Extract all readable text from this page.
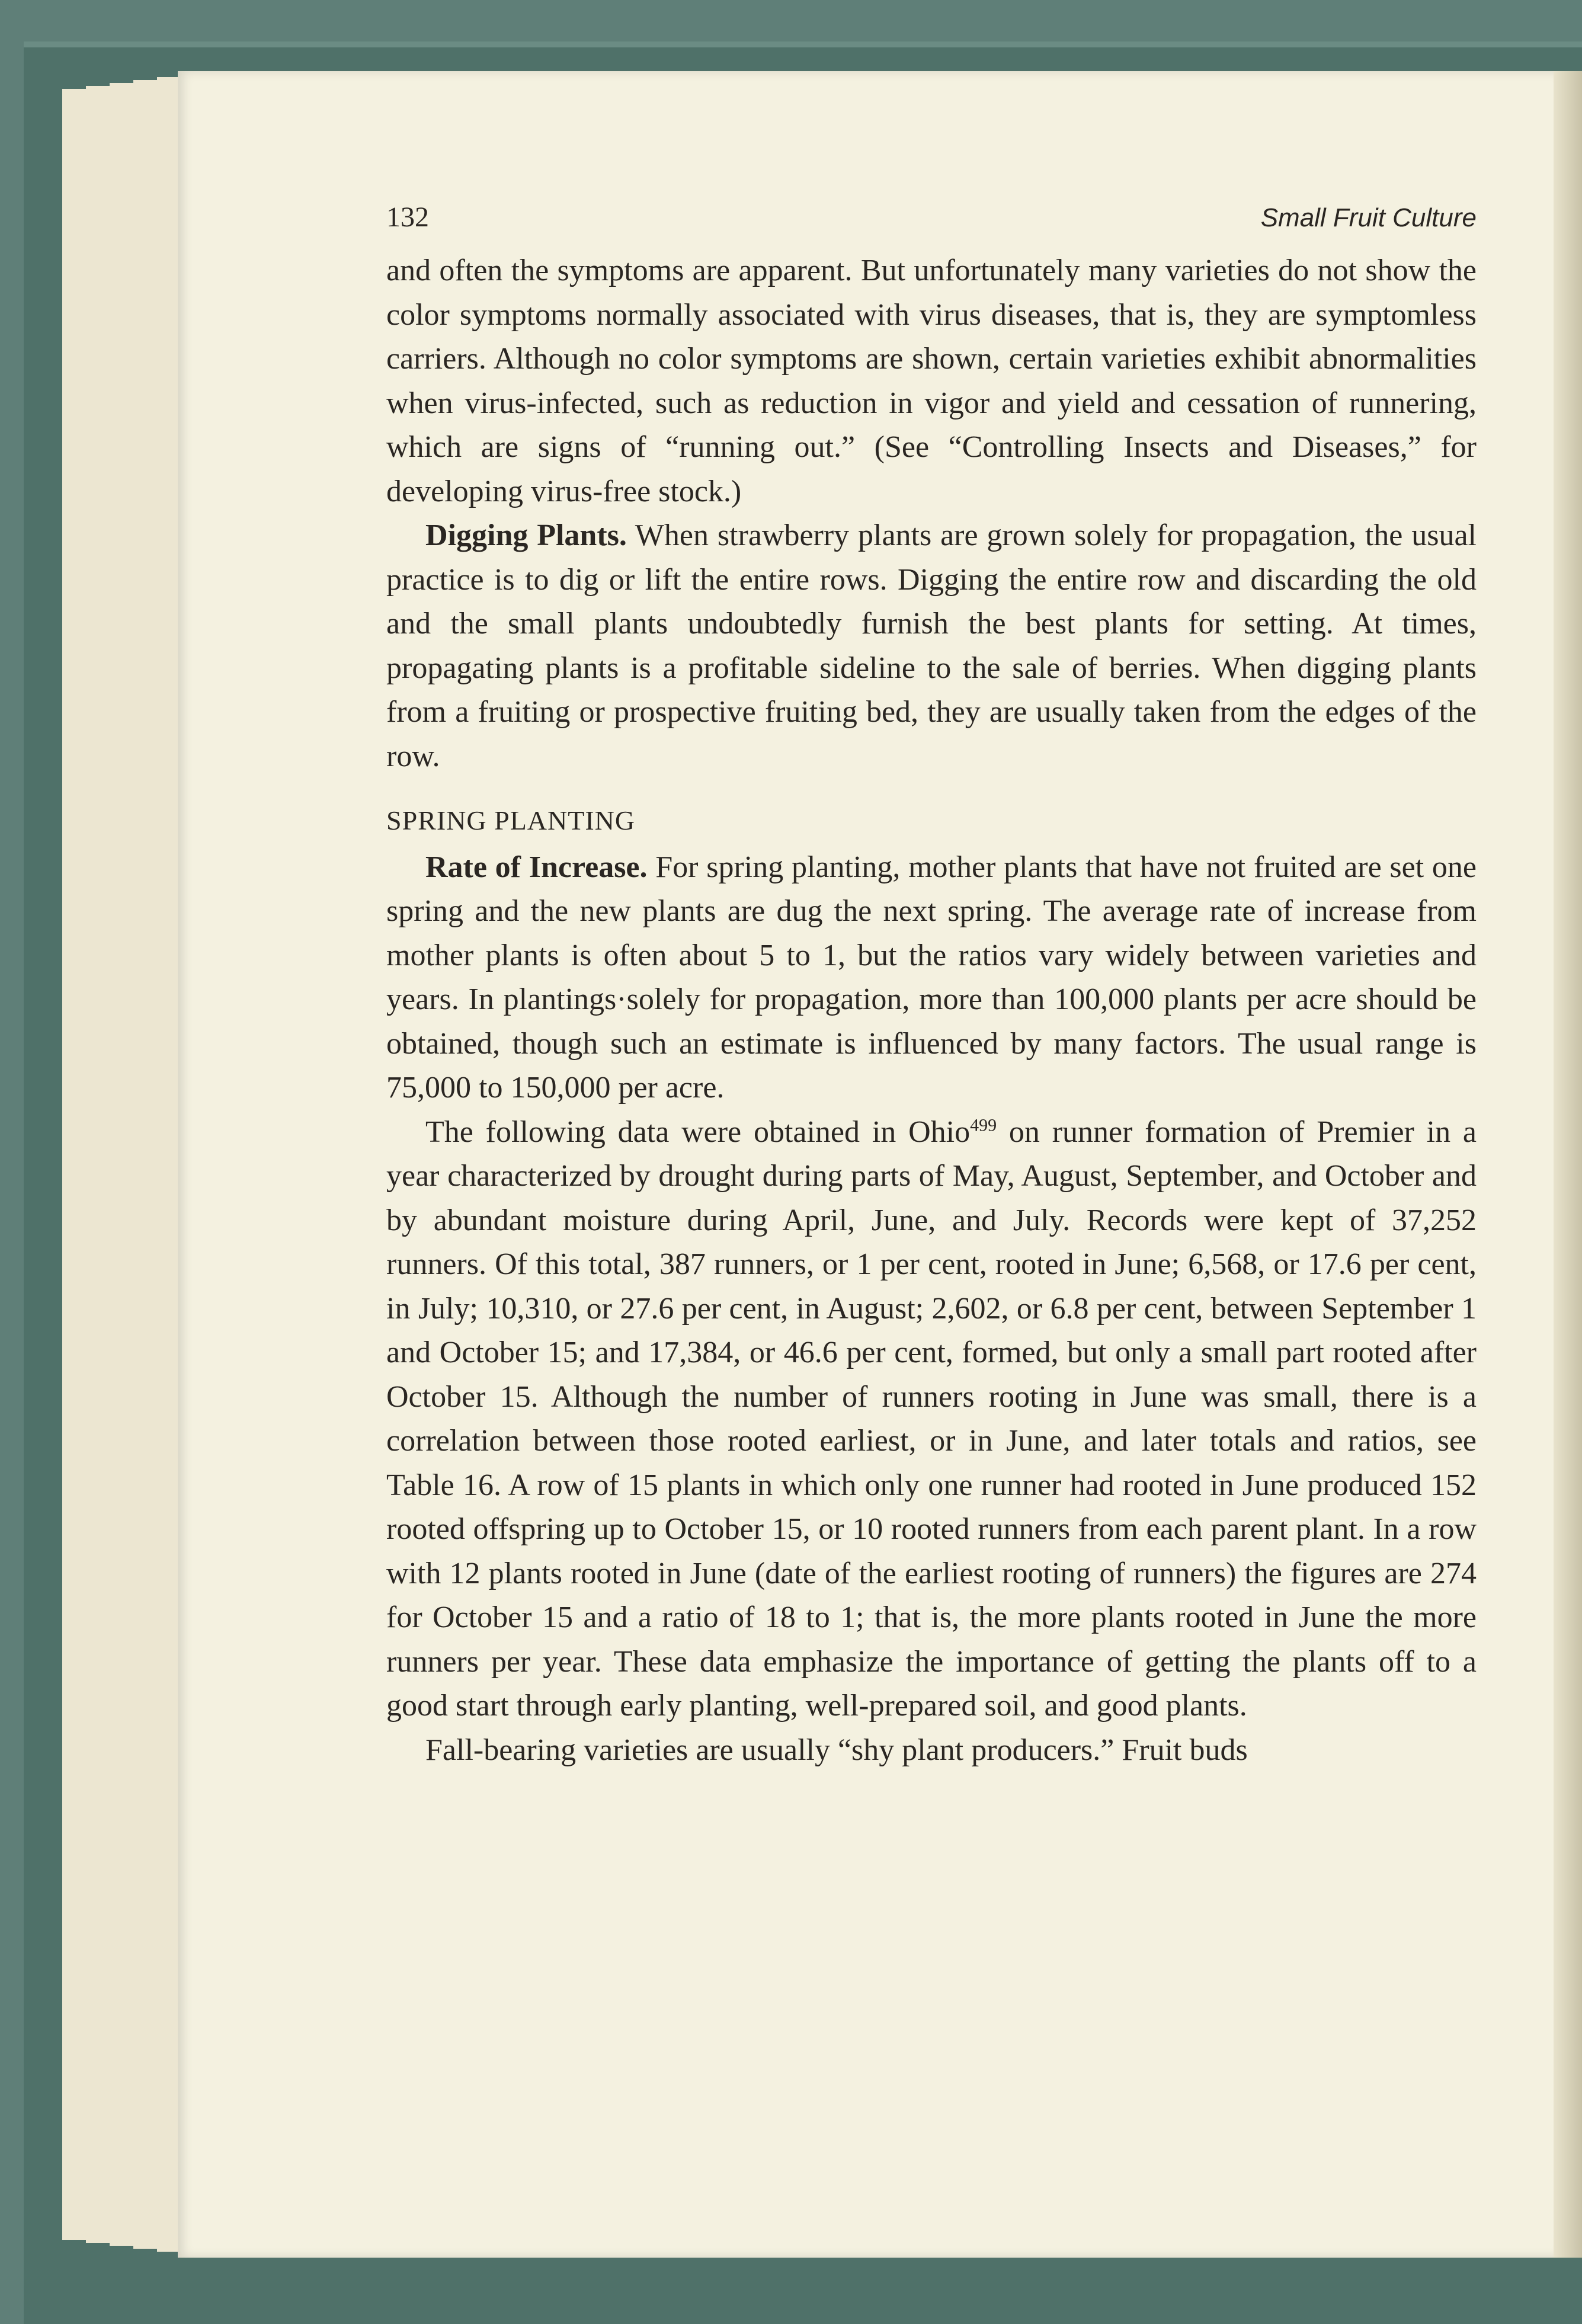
132	Small Fruit Culture

and often the symptoms are apparent. But unfortunately many varieties do not show the color symptoms normally associated with virus diseases, that is, they are symptomless carriers. Although no color symptoms are shown, certain varieties exhibit abnormalities when virus-infected, such as reduction in vigor and yield and cessation of runnering, which are signs of “running out.” (See “Controlling Insects and Diseases,” for developing virus-free stock.)

Digging Plants. When strawberry plants are grown solely for propagation, the usual practice is to dig or lift the entire rows. Digging the entire row and discarding the old and the small plants undoubtedly furnish the best plants for setting. At times, propagating plants is a profitable sideline to the sale of berries. When digging plants from a fruiting or prospective fruiting bed, they are usually taken from the edges of the row.

SPRING PLANTING

Rate of Increase. For spring planting, mother plants that have not fruited are set one spring and the new plants are dug the next spring. The average rate of increase from mother plants is often about 5 to 1, but the ratios vary widely between varieties and years. In plantings·solely for propagation, more than 100,000 plants per acre should be obtained, though such an estimate is influenced by many factors. The usual range is 75,000 to 150,000 per acre.

The following data were obtained in Ohio$^{499}$ on runner formation of Premier in a year characterized by drought during parts of May, August, September, and October and by abundant moisture during April, June, and July. Records were kept of 37,252 runners. Of this total, 387 runners, or 1 per cent, rooted in June; 6,568, or 17.6 per cent, in July; 10,310, or 27.6 per cent, in August; 2,602, or 6.8 per cent, between September 1 and October 15; and 17,384, or 46.6 per cent, formed, but only a small part rooted after October 15. Although the number of runners rooting in June was small, there is a correlation between those rooted earliest, or in June, and later totals and ratios, see Table 16. A row of 15 plants in which only one runner had rooted in June produced 152 rooted offspring up to October 15, or 10 rooted runners from each parent plant. In a row with 12 plants rooted in June (date of the earliest rooting of runners) the figures are 274 for October 15 and a ratio of 18 to 1; that is, the more plants rooted in June the more runners per year. These data emphasize the importance of getting the plants off to a good start through early planting, well-prepared soil, and good plants.

Fall-bearing varieties are usually “shy plant producers.” Fruit buds
